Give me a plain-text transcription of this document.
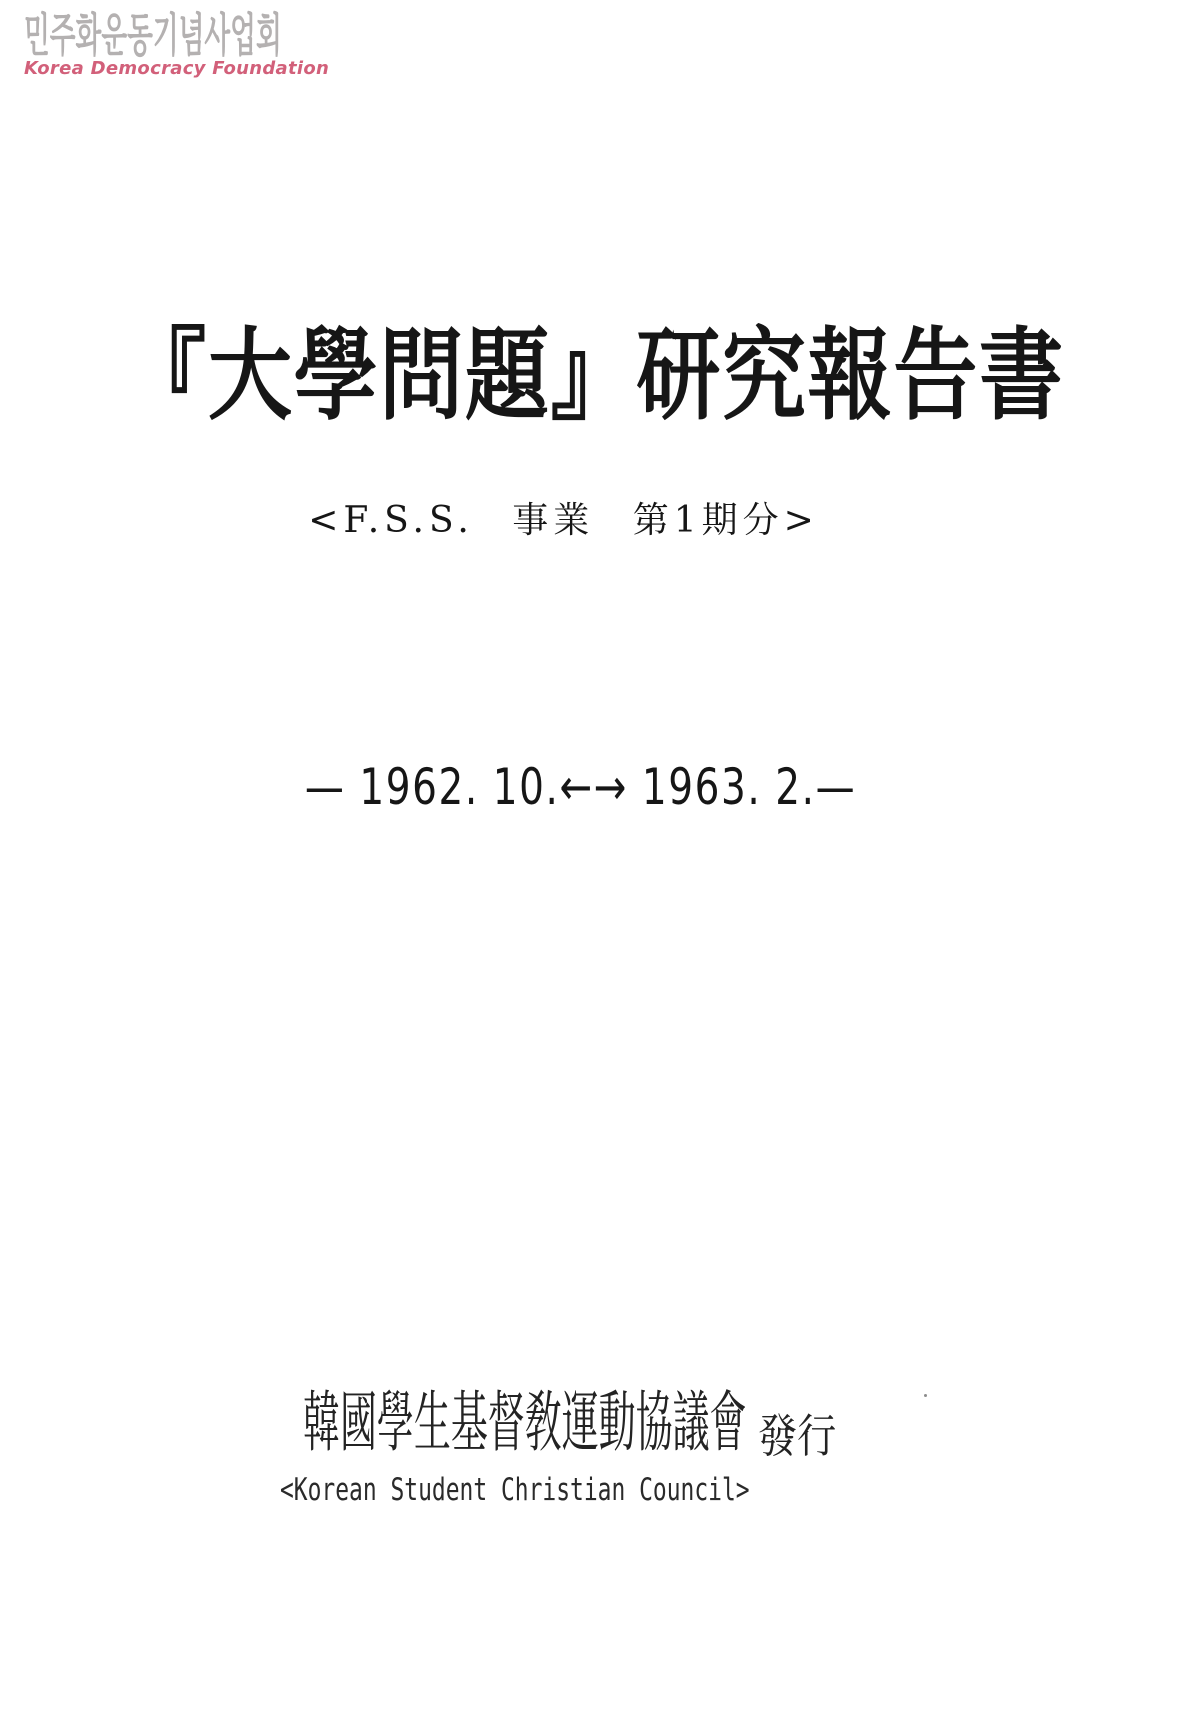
민주화운동기념사업회
Korea Democracy Foundation
『大學問題』研究報告書
<F.S.S. 事業 第1期分>
— 1962. 10.←→ 1963. 2.—
韓國學生基督敎運動協議會 發行
<Korean Student Christian Council>
